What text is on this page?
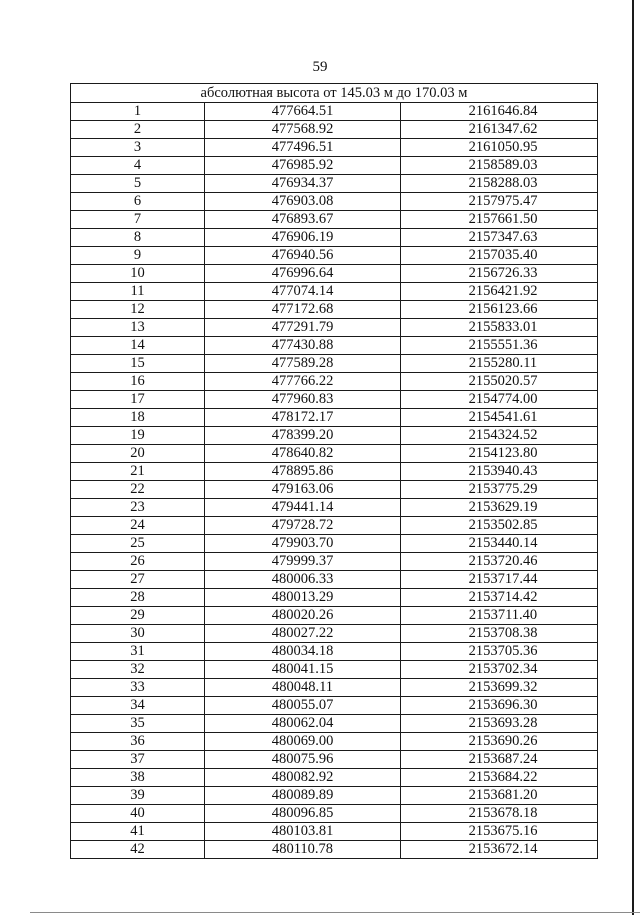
59
абсолютная высота от 145.03 м до 170.03 м		
1	477664.51	2161646.84
2	477568.92	2161347.62
3	477496.51	2161050.95
4	476985.92	2158589.03
5	476934.37	2158288.03
6	476903.08	2157975.47
7	476893.67	2157661.50
8	476906.19	2157347.63
9	476940.56	2157035.40
10	476996.64	2156726.33
11	477074.14	2156421.92
12	477172.68	2156123.66
13	477291.79	2155833.01
14	477430.88	2155551.36
15	477589.28	2155280.11
16	477766.22	2155020.57
17	477960.83	2154774.00
18	478172.17	2154541.61
19	478399.20	2154324.52
20	478640.82	2154123.80
21	478895.86	2153940.43
22	479163.06	2153775.29
23	479441.14	2153629.19
24	479728.72	2153502.85
25	479903.70	2153440.14
26	479999.37	2153720.46
27	480006.33	2153717.44
28	480013.29	2153714.42
29	480020.26	2153711.40
30	480027.22	2153708.38
31	480034.18	2153705.36
32	480041.15	2153702.34
33	480048.11	2153699.32
34	480055.07	2153696.30
35	480062.04	2153693.28
36	480069.00	2153690.26
37	480075.96	2153687.24
38	480082.92	2153684.22
39	480089.89	2153681.20
40	480096.85	2153678.18
41	480103.81	2153675.16
42	480110.78	2153672.14
